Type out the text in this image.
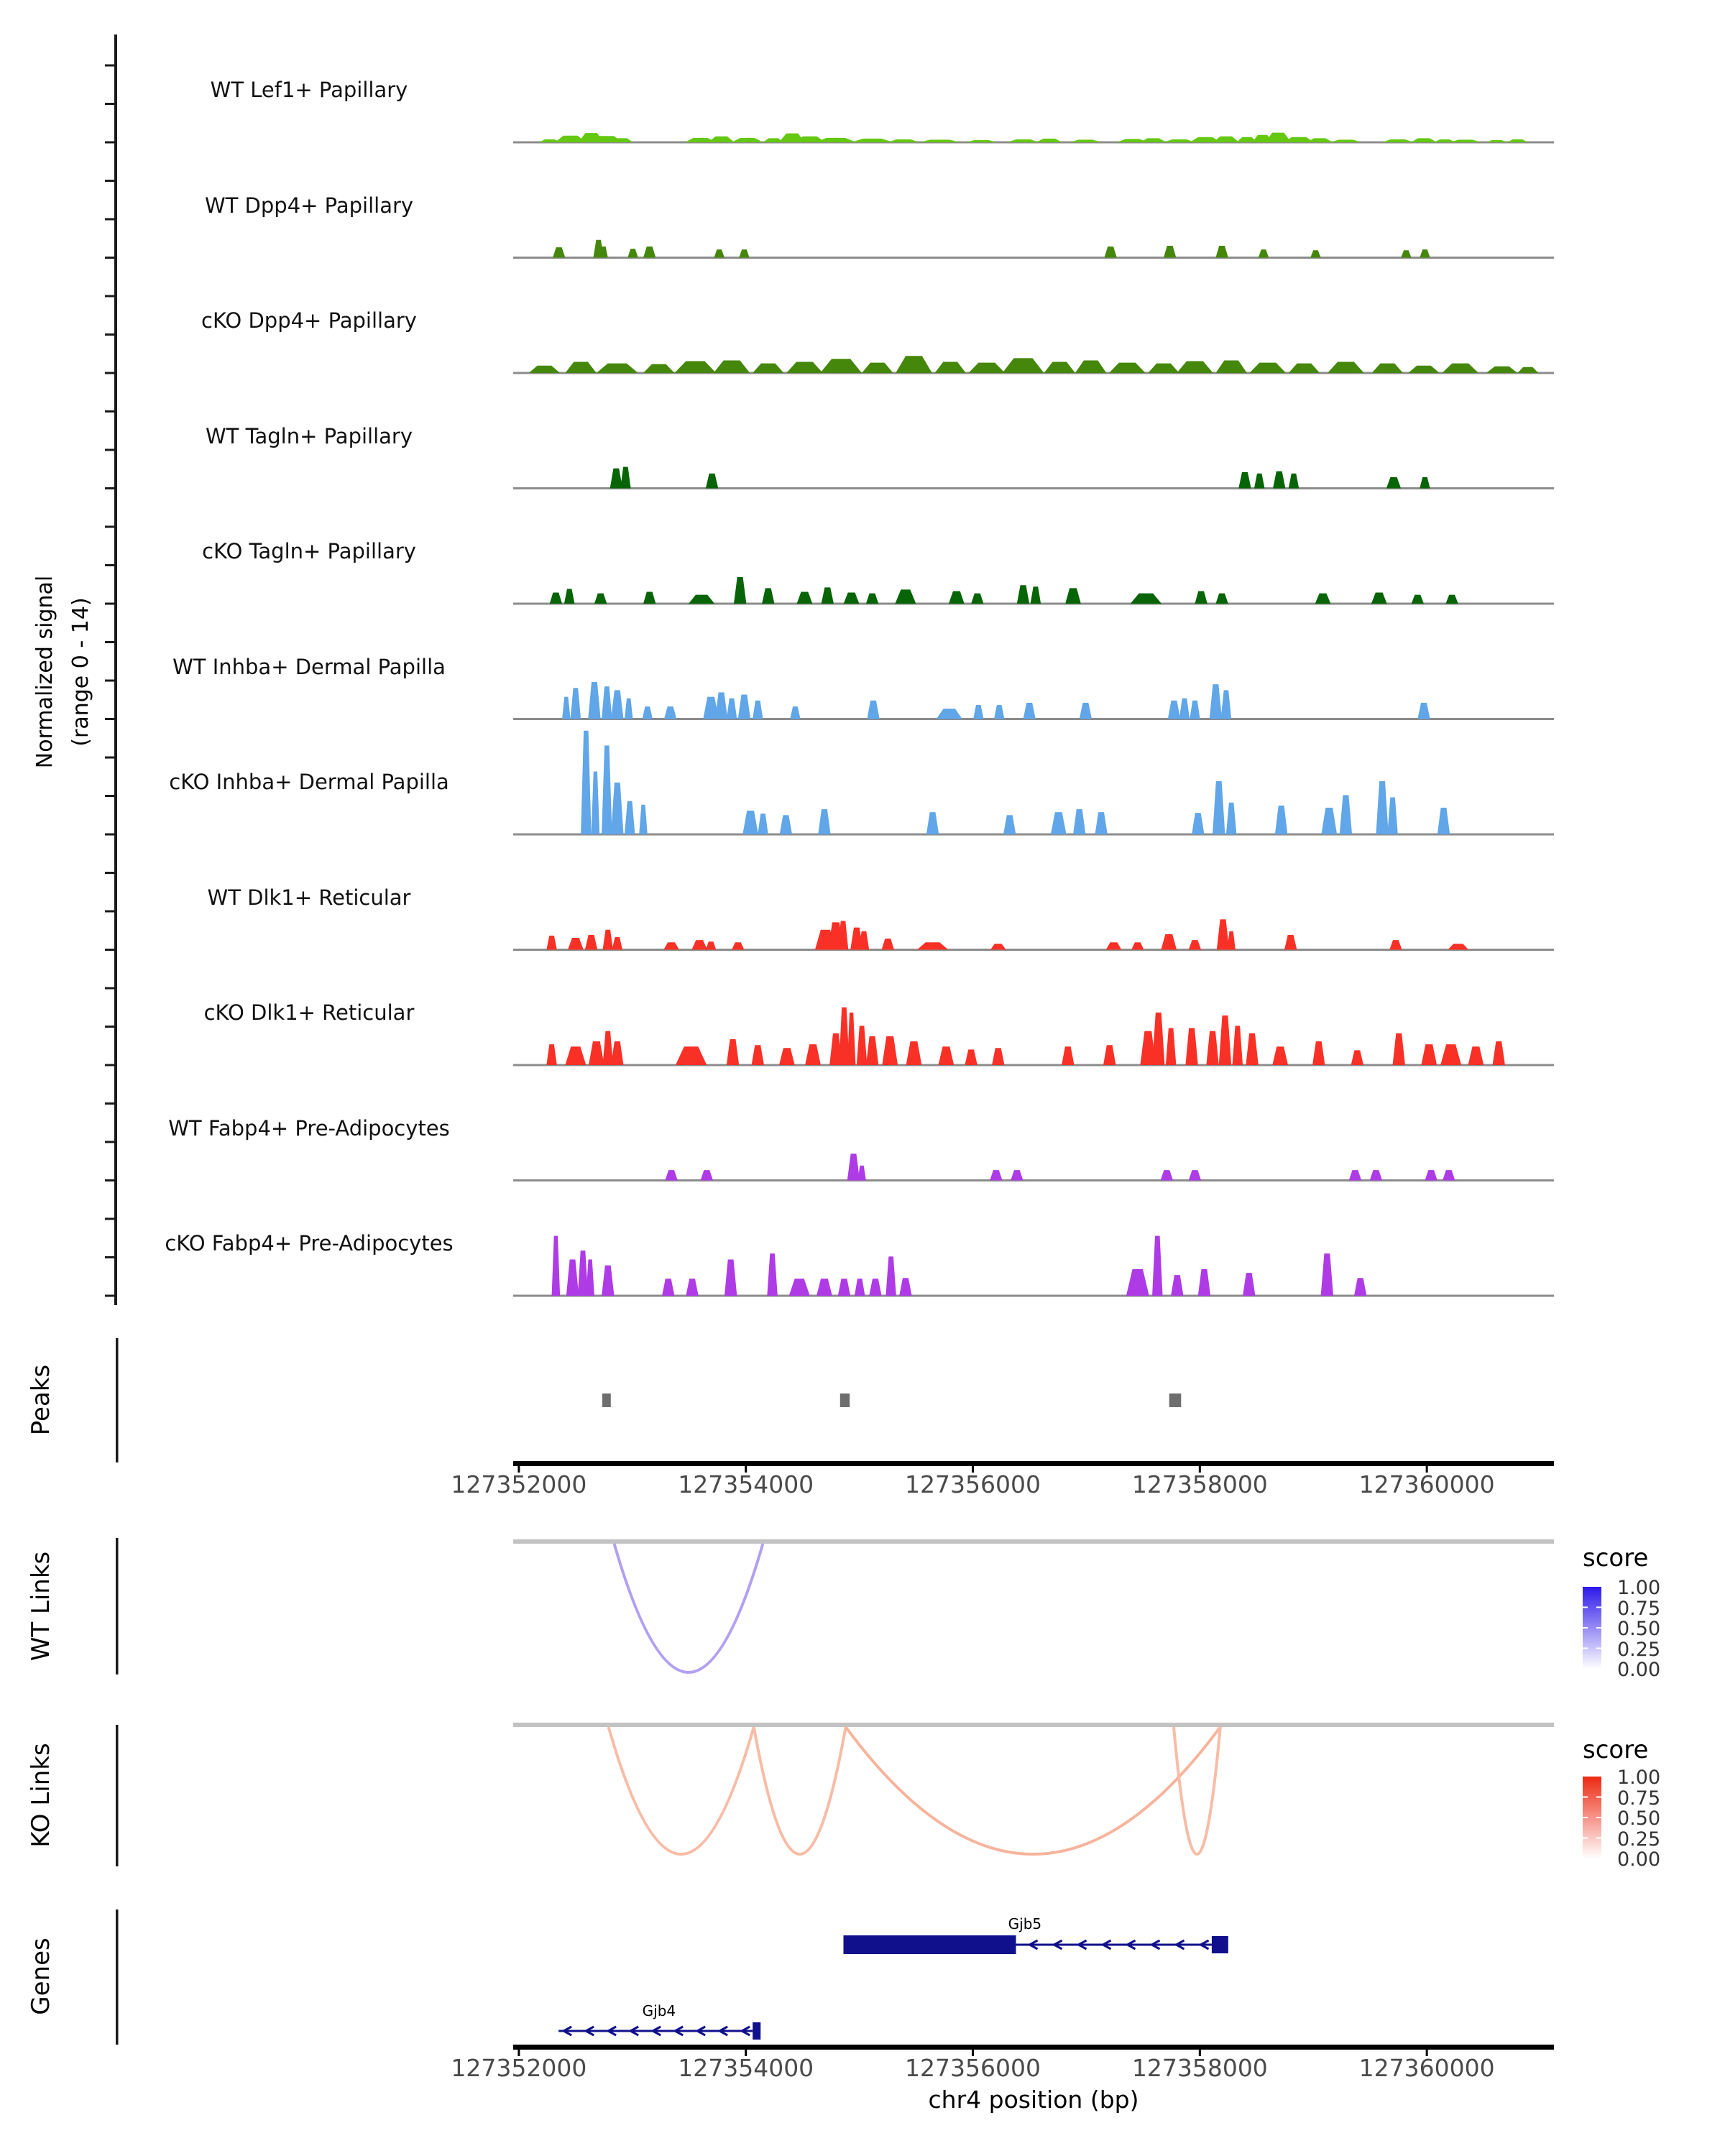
Normalized signal (range 0 - 14)
Peaks
WT Links
KO Links
Genes
score
score
chr4 position (bp)
WT Lef1+ Papillary
WT Dpp4+ Papillary
cKO Dpp4+ Papillary
WT Tagln+ Papillary
cKO Tagln+ Papillary
WT Inhba+ Dermal Papilla
cKO Inhba+ Dermal Papilla
WT Dlk1+ Reticular
cKO Dlk1+ Reticular
WT Fabp4+ Pre-Adipocytes
cKO Fabp4+ Pre-Adipocytes
127352000	127354000	127356000	127358000	127360000
127352000	127354000	127356000	127358000	127360000
1.00
0.75
0.50
0.25
0.00
1.00
0.75
0.50
0.25
0.00
Gjb5
Gjb4
